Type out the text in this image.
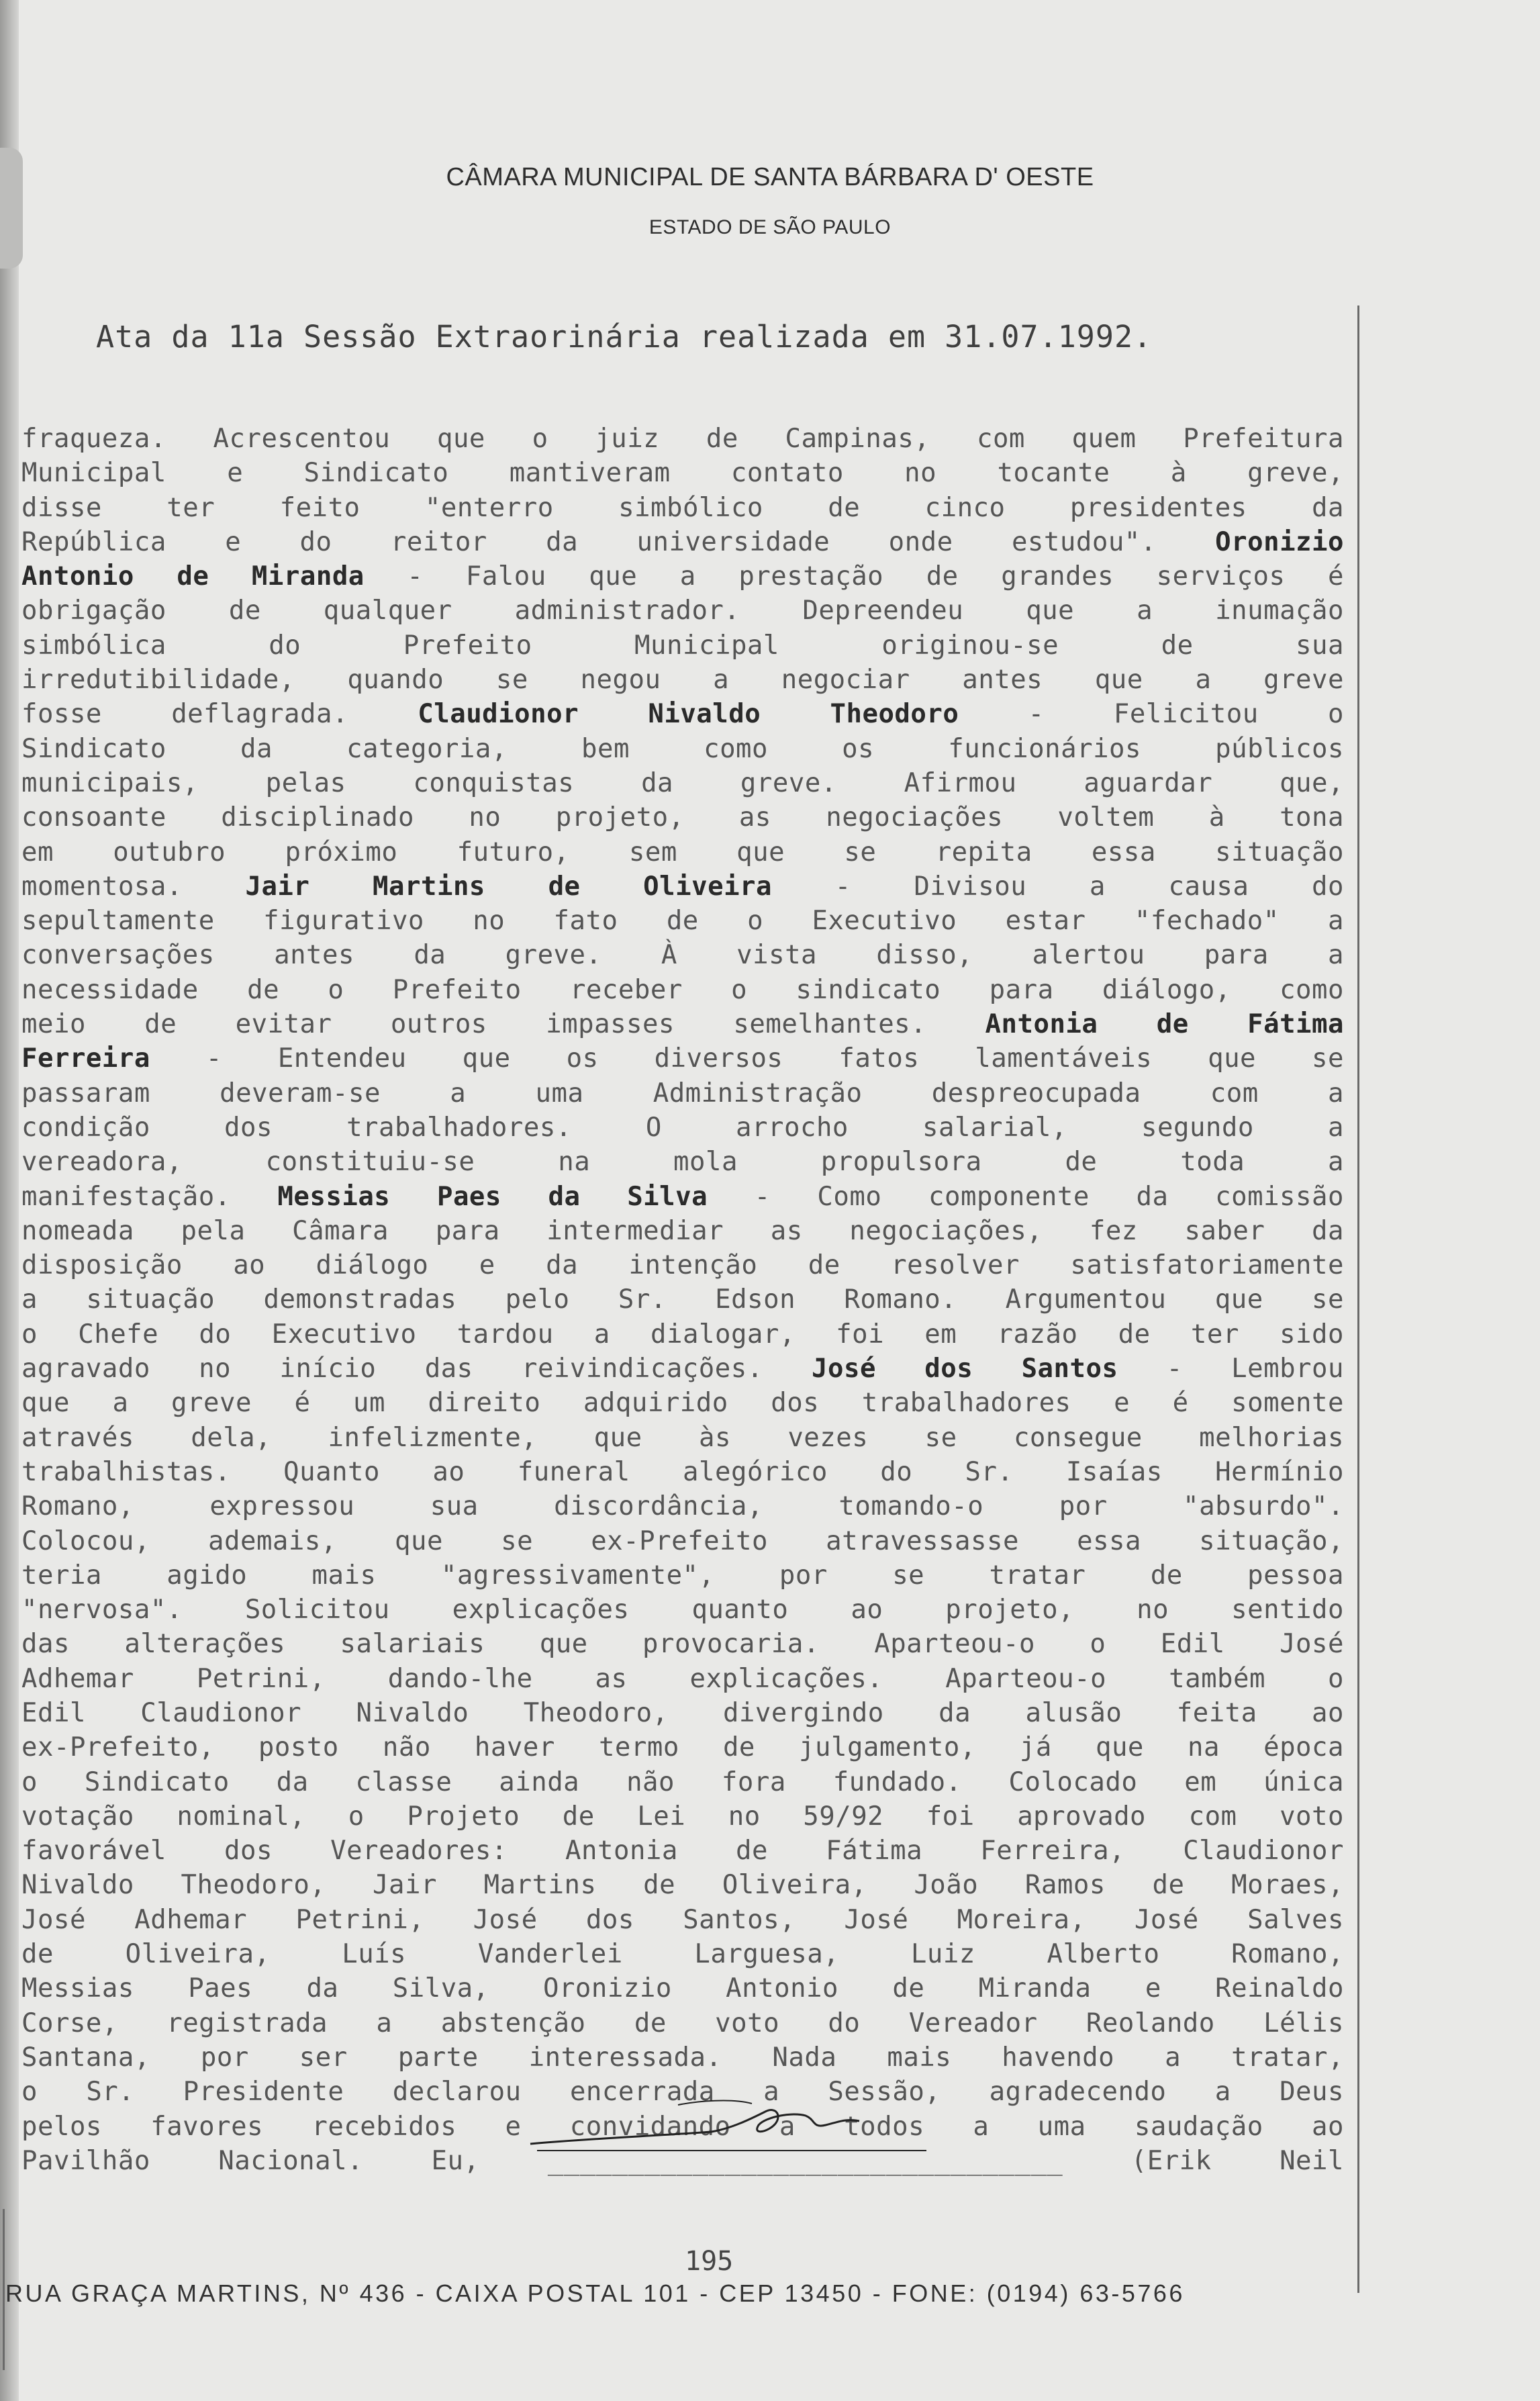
CÂMARA MUNICIPAL DE SANTA BÁRBARA D' OESTE
ESTADO DE SÃO PAULO
Ata da 11a Sessão Extraorinária realizada em 31.07.1992.
fraqueza. Acrescentou que o juiz de Campinas, com quem Prefeitura
Municipal e Sindicato mantiveram contato no tocante à greve,
disse ter feito "enterro simbólico de cinco presidentes da
República e do reitor da universidade onde estudou". Oronizio
Antonio de Miranda - Falou que a prestação de grandes serviços é
obrigação de qualquer administrador. Depreendeu que a inumação
simbólica do Prefeito Municipal originou-se de sua
irredutibilidade, quando se negou a negociar antes que a greve
fosse deflagrada. Claudionor Nivaldo Theodoro - Felicitou o
Sindicato da categoria, bem como os funcionários públicos
municipais, pelas conquistas da greve. Afirmou aguardar que,
consoante disciplinado no projeto, as negociações voltem à tona
em outubro próximo futuro, sem que se repita essa situação
momentosa. Jair Martins de Oliveira - Divisou a causa do
sepultamente figurativo no fato de o Executivo estar "fechado" a
conversações antes da greve. À vista disso, alertou para a
necessidade de o Prefeito receber o sindicato para diálogo, como
meio de evitar outros impasses semelhantes. Antonia de Fátima
Ferreira - Entendeu que os diversos fatos lamentáveis que se
passaram deveram-se a uma Administração despreocupada com a
condição dos trabalhadores. O arrocho salarial, segundo a
vereadora, constituiu-se na mola propulsora de toda a
manifestação. Messias Paes da Silva - Como componente da comissão
nomeada pela Câmara para intermediar as negociações, fez saber da
disposição ao diálogo e da intenção de resolver satisfatoriamente
a situação demonstradas pelo Sr. Edson Romano. Argumentou que se
o Chefe do Executivo tardou a dialogar, foi em razão de ter sido
agravado no início das reivindicações. José dos Santos - Lembrou
que a greve é um direito adquirido dos trabalhadores e é somente
através dela, infelizmente, que às vezes se consegue melhorias
trabalhistas. Quanto ao funeral alegórico do Sr. Isaías Hermínio
Romano, expressou sua discordância, tomando-o por "absurdo".
Colocou, ademais, que se ex-Prefeito atravessasse essa situação,
teria agido mais "agressivamente", por se tratar de pessoa
"nervosa". Solicitou explicações quanto ao projeto, no sentido
das alterações salariais que provocaria. Aparteou-o o Edil José
Adhemar Petrini, dando-lhe as explicações. Aparteou-o também o
Edil Claudionor Nivaldo Theodoro, divergindo da alusão feita ao
ex-Prefeito, posto não haver termo de julgamento, já que na época
o Sindicato da classe ainda não fora fundado. Colocado em única
votação nominal, o Projeto de Lei no 59/92 foi aprovado com voto
favorável dos Vereadores: Antonia de Fátima Ferreira, Claudionor
Nivaldo Theodoro, Jair Martins de Oliveira, João Ramos de Moraes,
José Adhemar Petrini, José dos Santos, José Moreira, José Salves
de Oliveira, Luís Vanderlei Larguesa, Luiz Alberto Romano,
Messias Paes da Silva, Oronizio Antonio de Miranda e Reinaldo
Corse, registrada a abstenção de voto do Vereador Reolando Lélis
Santana, por ser parte interessada. Nada mais havendo a tratar,
o Sr. Presidente declarou encerrada a Sessão, agradecendo a Deus
pelos favores recebidos e convidando a todos a uma saudação ao
Pavilhão Nacional. Eu, ________________________________ (Erik Neil
195
RUA GRAÇA MARTINS, Nº 436 - CAIXA POSTAL 101 - CEP 13450 - FONE: (0194) 63-5766
